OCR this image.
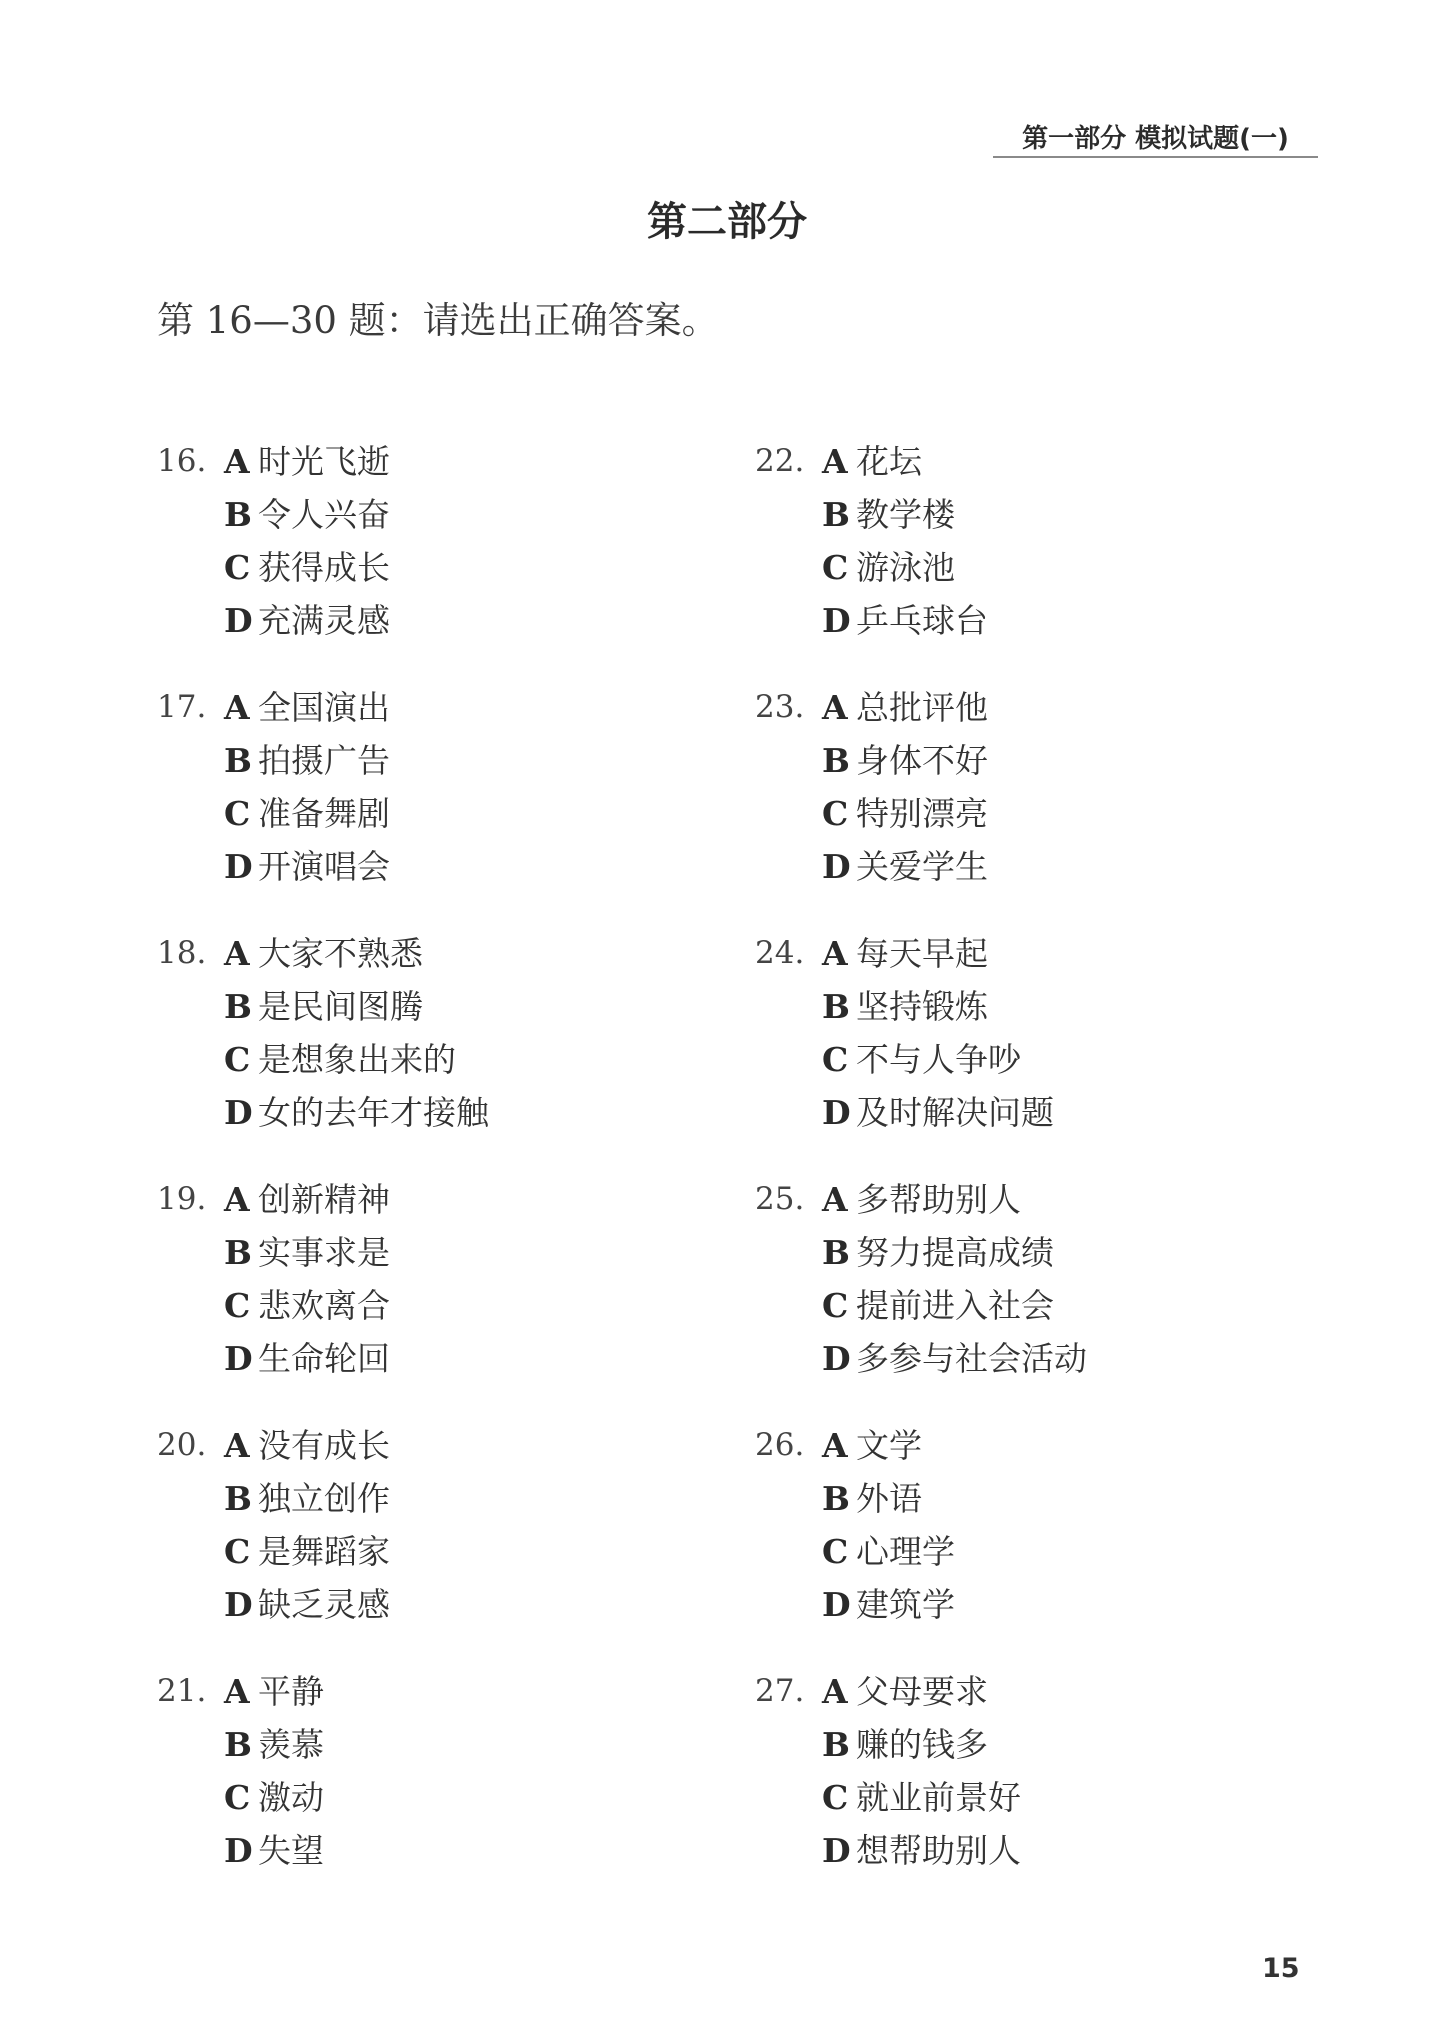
第一部分 模拟试题(一)
第二部分
第 16—30 题：请选出正确答案。
16. A 时光飞逝
B 令人兴奋
C 获得成长
D 充满灵感
17. A 全国演出
B 拍摄广告
C 准备舞剧
D 开演唱会
18. A 大家不熟悉
B 是民间图腾
C 是想象出来的
D 女的去年才接触
19. A 创新精神
B 实事求是
C 悲欢离合
D 生命轮回
20. A 没有成长
B 独立创作
C 是舞蹈家
D 缺乏灵感
21. A 平静
B 羡慕
C 激动
D 失望
22. A 花坛
B 教学楼
C 游泳池
D 乒乓球台
23. A 总批评他
B 身体不好
C 特别漂亮
D 关爱学生
24. A 每天早起
B 坚持锻炼
C 不与人争吵
D 及时解决问题
25. A 多帮助别人
B 努力提高成绩
C 提前进入社会
D 多参与社会活动
26. A 文学
B 外语
C 心理学
D 建筑学
27. A 父母要求
B 赚的钱多
C 就业前景好
D 想帮助别人
15
